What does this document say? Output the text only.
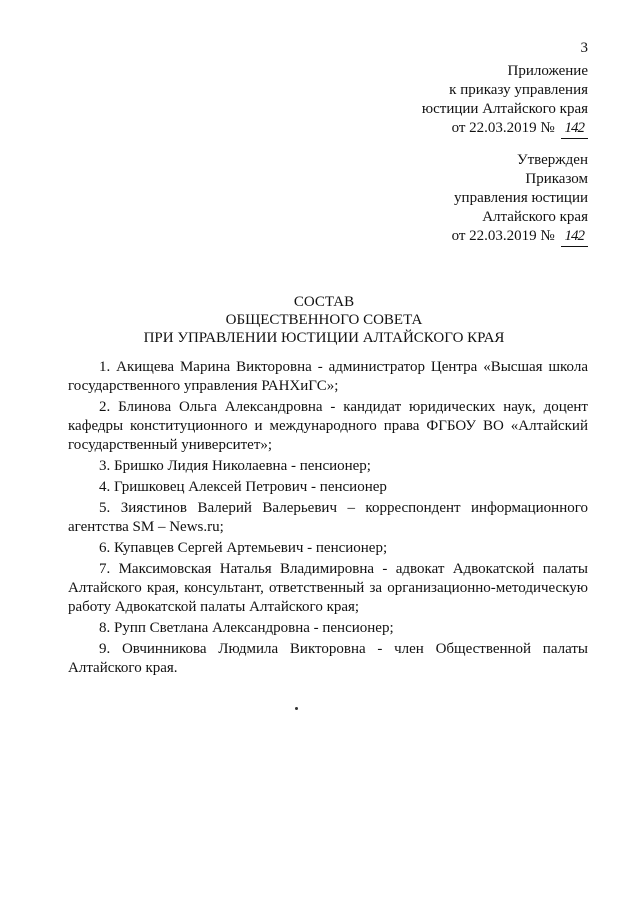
3
Приложение
к приказу управления
юстиции Алтайского края
от 22.03.2019 № 142
Утвержден
Приказом
управления юстиции
Алтайского края
от 22.03.2019 № 142
СОСТАВ
ОБЩЕСТВЕННОГО СОВЕТА
ПРИ УПРАВЛЕНИИ ЮСТИЦИИ АЛТАЙСКОГО КРАЯ

1. Акищева Марина Викторовна - администратор Центра «Высшая школа государственного управления РАНХиГС»;

2. Блинова Ольга Александровна - кандидат юридических наук, доцент кафедры конституционного и международного права ФГБОУ ВО «Алтайский государственный университет»;

3. Бришко Лидия Николаевна - пенсионер;

4. Гришковец Алексей Петрович - пенсионер

5. Зиястинов Валерий Валерьевич – корреспондент информационного агентства SM – News.ru;

6. Купавцев Сергей Артемьевич - пенсионер;

7. Максимовская Наталья Владимировна - адвокат Адвокатской палаты Алтайского края, консультант, ответственный за организационно-методическую работу Адвокатской палаты Алтайского края;

8. Рупп Светлана Александровна - пенсионер;

9. Овчинникова Людмила Викторовна - член Общественной палаты Алтайского края.
